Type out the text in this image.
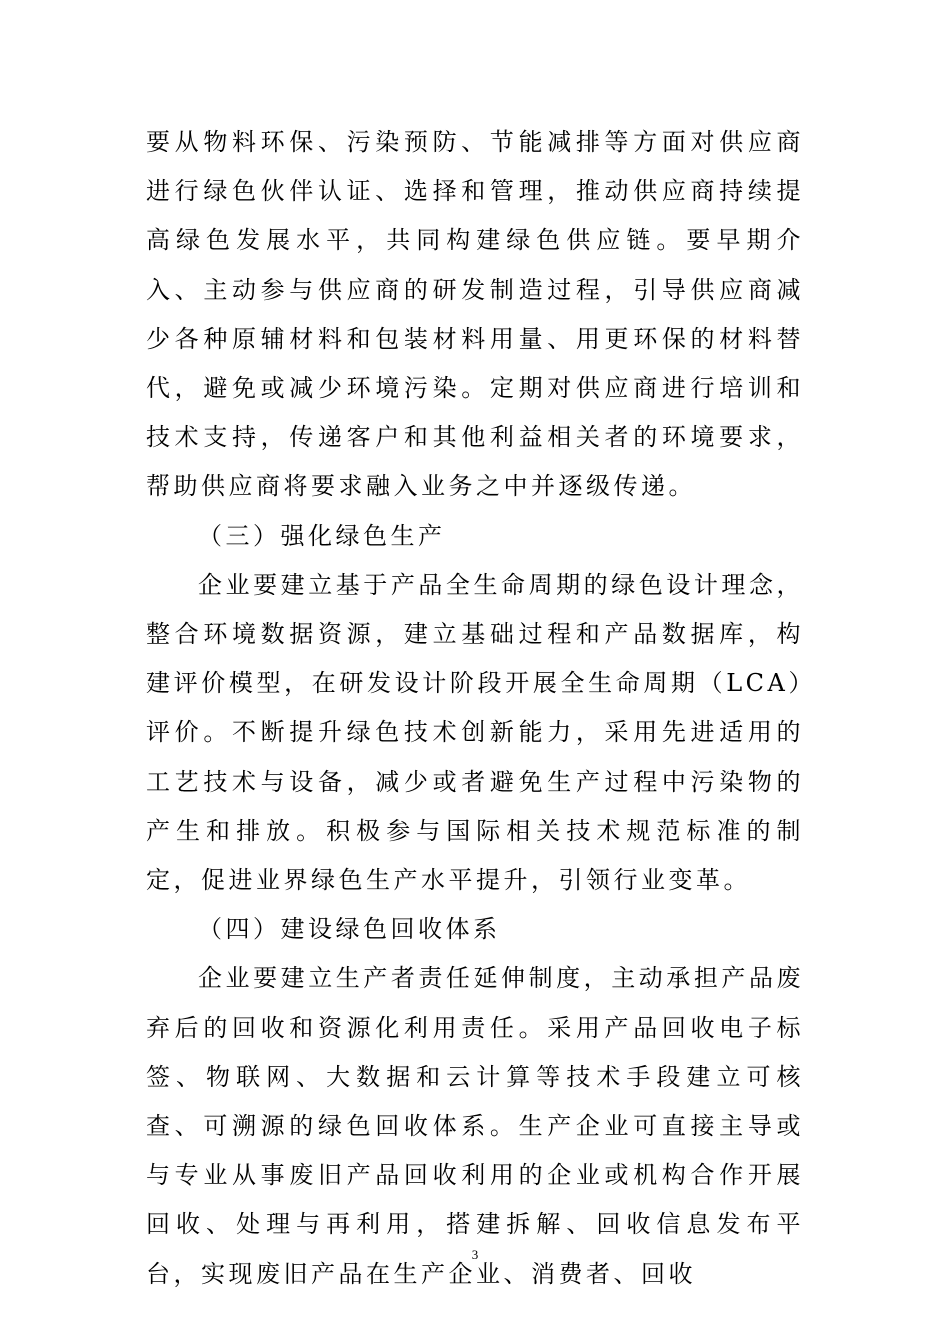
要从物料环保、污染预防、节能减排等方面对供应商进行绿色伙伴认证、选择和管理，推动供应商持续提高绿色发展水平，共同构建绿色供应链。要早期介入、主动参与供应商的研发制造过程，引导供应商减少各种原辅材料和包装材料用量、用更环保的材料替代，避免或减少环境污染。定期对供应商进行培训和技术支持，传递客户和其他利益相关者的环境要求，帮助供应商将要求融入业务之中并逐级传递。

（三）强化绿色生产

企业要建立基于产品全生命周期的绿色设计理念，整合环境数据资源，建立基础过程和产品数据库，构建评价模型，在研发设计阶段开展全生命周期（LCA）评价。不断提升绿色技术创新能力，采用先进适用的工艺技术与设备，减少或者避免生产过程中污染物的产生和排放。积极参与国际相关技术规范标准的制定，促进业界绿色生产水平提升，引领行业变革。

（四）建设绿色回收体系

企业要建立生产者责任延伸制度，主动承担产品废弃后的回收和资源化利用责任。采用产品回收电子标签、物联网、大数据和云计算等技术手段建立可核查、可溯源的绿色回收体系。生产企业可直接主导或与专业从事废旧产品回收利用的企业或机构合作开展回收、处理与再利用，搭建拆解、回收信息发布平台，实现废旧产品在生产企业、消费者、回收

3
